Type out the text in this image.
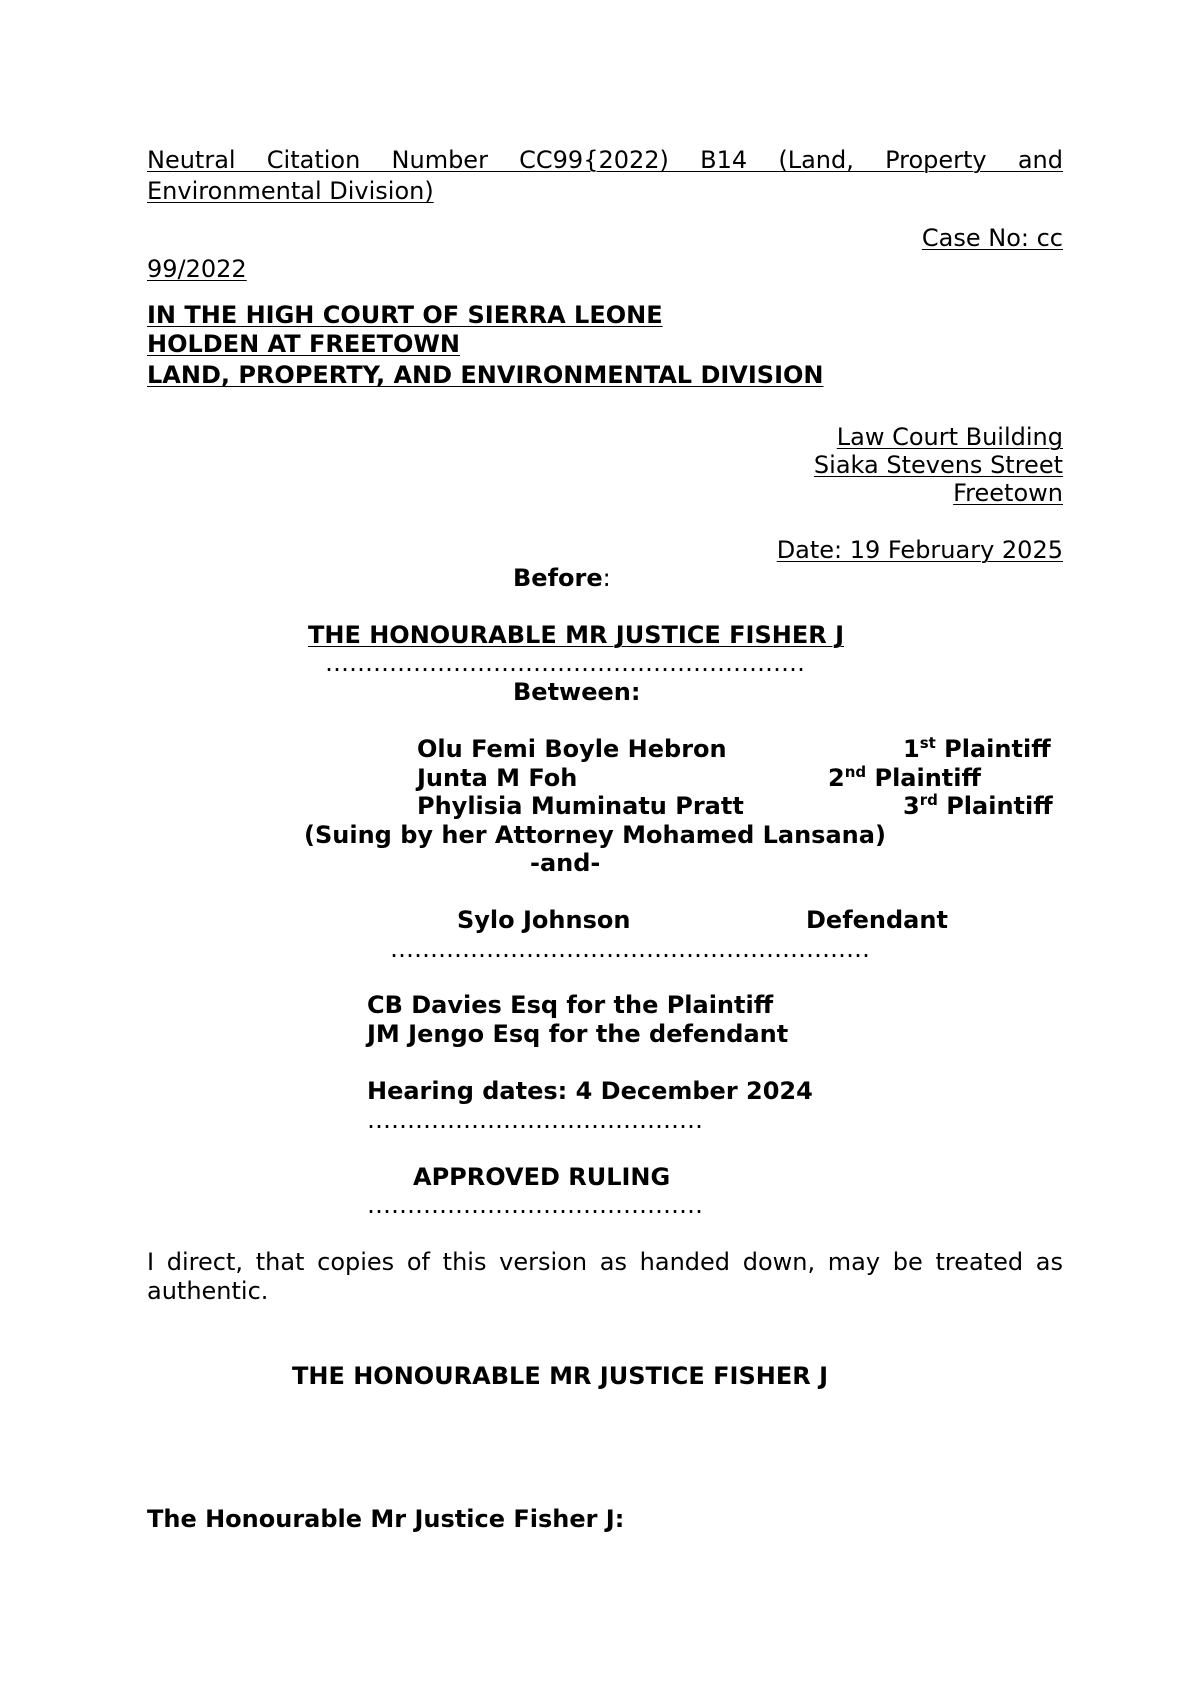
Neutral Citation Number CC99{2022) B14 (Land, Property and
Environmental Division)
Case No: cc
99/2022
IN THE HIGH COURT OF SIERRA LEONE
HOLDEN AT FREETOWN
LAND, PROPERTY, AND ENVIRONMENTAL DIVISION
Law Court Building
Siaka Stevens Street
Freetown
Date: 19 February 2025
Before:
THE HONOURABLE MR JUSTICE FISHER J
……………………………………………………
Between:
Olu Femi Boyle Hebron	1st Plaintiff
Junta M Foh	2nd Plaintiff
Phylisia Muminatu Pratt	3rd Plaintiff
(Suing by her Attorney Mohamed Lansana)
-and-
Sylo Johnson	Defendant
……………………………………………………
CB Davies Esq for the Plaintiff
JM Jengo Esq for the defendant
Hearing dates: 4 December 2024
……………………………………
APPROVED RULING
……………………………………
I direct, that copies of this version as handed down, may be treated as
authentic.
THE HONOURABLE MR JUSTICE FISHER J
The Honourable Mr Justice Fisher J:
